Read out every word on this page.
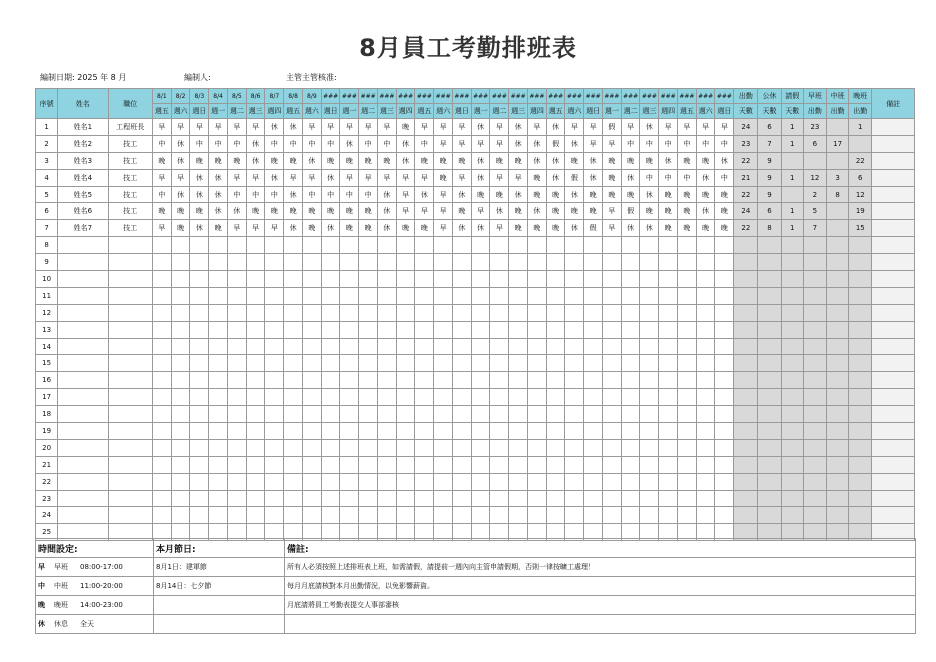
8月員工考勤排班表
編制日期: 2025 年 8 月	編制人:	主管主管核准:
序號	姓名	職位	8/1	8/2	8/3	8/4	8/5	8/6	8/7	8/8	8/9	###	###	###	###	###	###	###	###	###	###	###	###	###	###	###	###	###	###	###	###	###	###	出勤	公休	請假	早班	中班	晚班	備註
			週五	週六	週日	週一	週二	週三	週四	週五	週六	週日	週一	週二	週三	週四	週五	週六	週日	週一	週二	週三	週四	週五	週六	週日	週一	週二	週三	週四	週五	週六	週日	天數	天數	天數	出勤	出勤	出勤	
1	姓名1	工程班長	早	早	早	早	早	早	休	休	早	早	早	早	早	晚	早	早	早	休	早	休	早	休	早	早	假	早	休	早	早	早	早	24	6	1	23		1	
2	姓名2	技工	中	休	中	中	中	休	中	中	中	中	休	中	中	休	中	早	早	早	早	休	休	假	休	早	早	中	中	中	中	中	中	23	7	1	6	17		
3	姓名3	技工	晚	休	晚	晚	晚	休	晚	晚	休	晚	晚	晚	晚	休	晚	晚	晚	休	晚	晚	休	休	晚	休	晚	晚	晚	休	晚	晚	休	22	9				22	
4	姓名4	技工	早	早	休	休	早	早	休	早	早	休	早	早	早	早	早	晚	早	休	早	早	晚	休	假	休	晚	休	中	中	中	休	中	21	9	1	12	3	6	
5	姓名5	技工	中	休	休	休	中	中	中	休	中	中	中	中	休	早	休	早	休	晚	晚	休	晚	晚	休	晚	晚	晚	休	晚	晚	晚	晚	22	9		2	8	12	
6	姓名6	技工	晚	晚	晚	休	休	晚	晚	晚	晚	晚	晚	晚	休	早	早	早	晚	早	休	晚	休	晚	晚	晚	早	假	晚	晚	晚	休	晚	24	6	1	5		19	
7	姓名7	技工	早	晚	休	晚	早	早	早	休	晚	休	晚	晚	休	晚	晚	早	休	休	早	晚	晚	晚	休	假	早	休	休	晚	晚	晚	晚	22	8	1	7		15	
8																																								
9																																								
10																																								
11																																								
12																																								
13																																								
14																																								
15																																								
16																																								
17																																								
18																																								
19																																								
20																																								
21																																								
22																																								
23																																								
24																																								
25																																								
時間設定:	本月節日:	備註:
早 早班 08:00-17:00	8月1日：建軍節	所有人必須按照上述排班表上班，如需請假，請提前一週內向主管申請假期，否則一律按曠工處理！
中 中班 11:00-20:00	8月14日：七夕節	每月月底請核對本月出勤情況，以免影響薪資。
晚 晚班 14:00-23:00		月底請將員工考勤表提交人事部審核
休 休息 全天		
